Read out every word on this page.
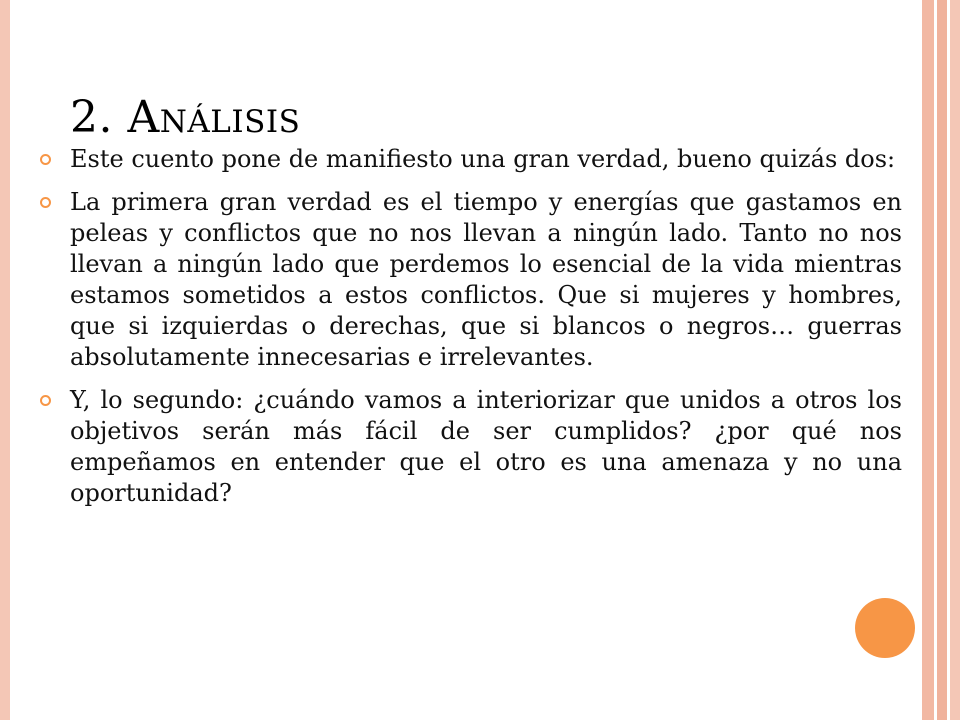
2. Análisis
Este cuento pone de manifiesto una gran verdad, bueno quizás dos:
La primera gran verdad es el tiempo y energías que gastamos en peleas y conflictos que no nos llevan a ningún lado. Tanto no nos llevan a ningún lado que perdemos lo esencial de la vida mientras estamos sometidos a estos conflictos. Que si mujeres y hombres, que si izquierdas o derechas, que si blancos o negros… guerras absolutamente innecesarias e irrelevantes.
Y, lo segundo: ¿cuándo vamos a interiorizar que unidos a otros los objetivos serán más fácil de ser cumplidos? ¿por qué nos empeñamos en entender que el otro es una amenaza y no una oportunidad?
